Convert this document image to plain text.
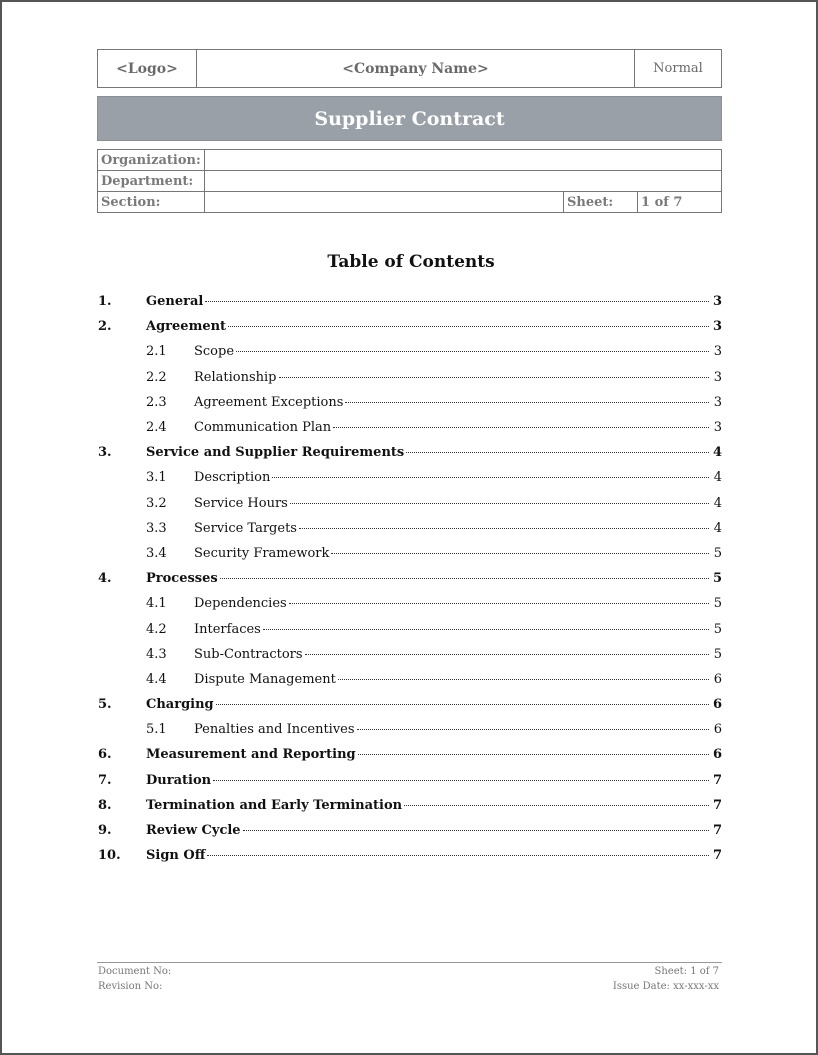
<Logo>	<Company Name>	Normal
Supplier Contract
Organization:			
Department:			
Section:		Sheet:	1 of 7
Table of Contents
1.	General	3
2.	Agreement	3
2.1	Scope	3
2.2	Relationship	3
2.3	Agreement Exceptions	3
2.4	Communication Plan	3
3.	Service and Supplier Requirements	4
3.1	Description	4
3.2	Service Hours	4
3.3	Service Targets	4
3.4	Security Framework	5
4.	Processes	5
4.1	Dependencies	5
4.2	Interfaces	5
4.3	Sub-Contractors	5
4.4	Dispute Management	6
5.	Charging	6
5.1	Penalties and Incentives	6
6.	Measurement and Reporting	6
7.	Duration	7
8.	Termination and Early Termination	7
9.	Review Cycle	7
10.	Sign Off	7
Document No:
Revision No:
Sheet: 1 of 7
Issue Date: xx-xxx-xx
